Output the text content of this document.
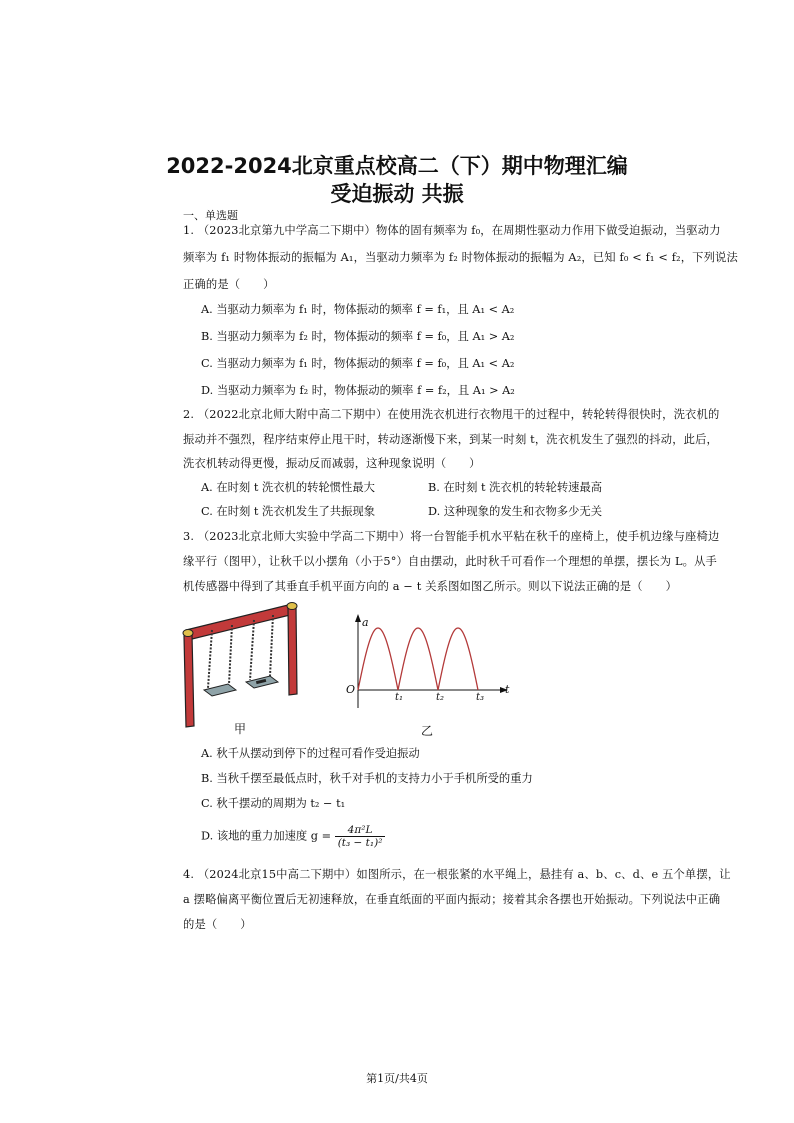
2022-2024北京重点校高二（下）期中物理汇编
受迫振动 共振
一、单选题
1. （2023北京第九中学高二下期中）物体的固有频率为 f₀，在周期性驱动力作用下做受迫振动，当驱动力
频率为 f₁ 时物体振动的振幅为 A₁，当驱动力频率为 f₂ 时物体振动的振幅为 A₂，已知 f₀ < f₁ < f₂，下列说法
正确的是（　　）
A. 当驱动力频率为 f₁ 时，物体振动的频率 f = f₁，且 A₁ < A₂
B. 当驱动力频率为 f₂ 时，物体振动的频率 f = f₀，且 A₁ > A₂
C. 当驱动力频率为 f₁ 时，物体振动的频率 f = f₀，且 A₁ < A₂
D. 当驱动力频率为 f₂ 时，物体振动的频率 f = f₂，且 A₁ > A₂
2. （2022北京北师大附中高二下期中）在使用洗衣机进行衣物甩干的过程中，转轮转得很快时，洗衣机的
振动并不强烈，程序结束停止甩干时，转动逐渐慢下来，到某一时刻 t，洗衣机发生了强烈的抖动，此后，
洗衣机转动得更慢，振动反而减弱，这种现象说明（　　）
A. 在时刻 t 洗衣机的转轮惯性最大	B. 在时刻 t 洗衣机的转轮转速最高
C. 在时刻 t 洗衣机发生了共振现象	D. 这种现象的发生和衣物多少无关
3. （2023北京北师大实验中学高二下期中）将一台智能手机水平粘在秋千的座椅上，使手机边缘与座椅边
缘平行（图甲），让秋千以小摆角（小于5°）自由摆动，此时秋千可看作一个理想的单摆，摆长为 L。从手
机传感器中得到了其垂直手机平面方向的 a − t 关系图如图乙所示。则以下说法正确的是（　　）
甲
a
t
O
t₁	t₂	t₃
乙
A. 秋千从摆动到停下的过程可看作受迫振动
B. 当秋千摆至最低点时，秋千对手机的支持力小于手机所受的重力
C. 秋千摆动的周期为 t₂ − t₁
D. 该地的重力加速度 $g = \frac{\text{4π²L}}{\text{(t₃ − t₁)²}}$
4. （2024北京15中高二下期中）如图所示，在一根张紧的水平绳上，悬挂有 a、b、c、d、e 五个单摆，让
a 摆略偏离平衡位置后无初速释放，在垂直纸面的平面内振动；接着其余各摆也开始振动。下列说法中正确
的是（　　）
第1页/共4页
